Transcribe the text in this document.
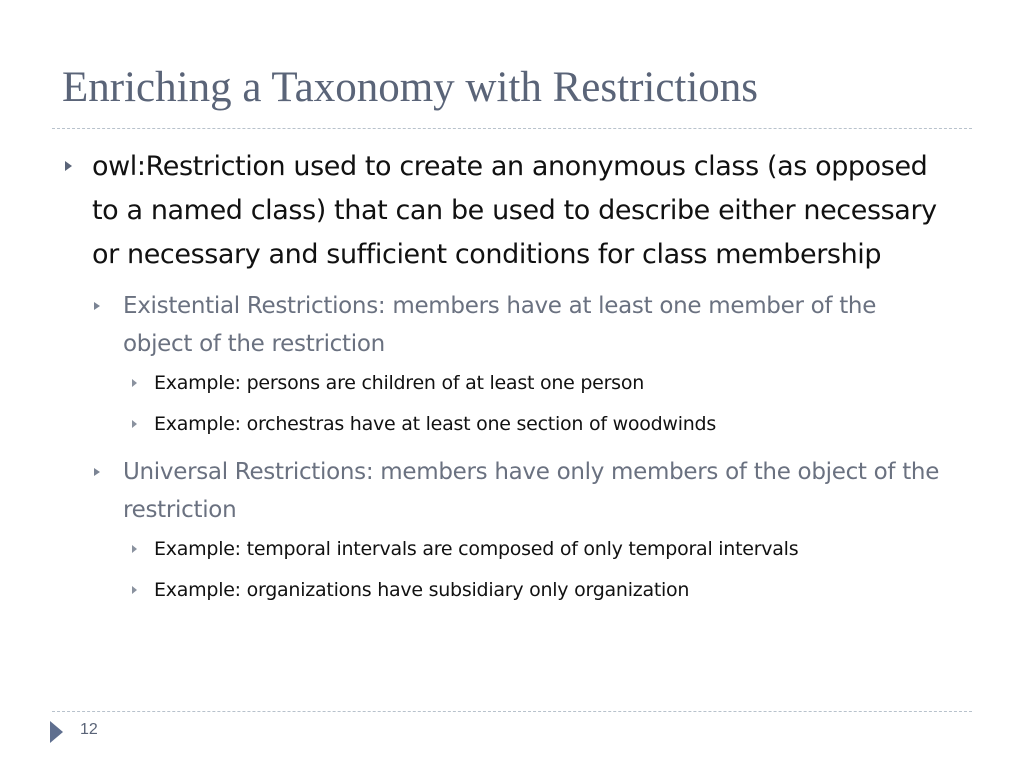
Enriching a Taxonomy with Restrictions
owl:Restriction used to create an anonymous class (as opposed to a named class) that can be used to describe either necessary or necessary and sufficient conditions for class membership
Existential Restrictions: members have at least one member of the object of the restriction
Example: persons are children of at least one person
Example: orchestras have at least one section of woodwinds
Universal Restrictions: members have only members of the object of the restriction
Example: temporal intervals are composed of only temporal intervals
Example: organizations have subsidiary only organization
12
